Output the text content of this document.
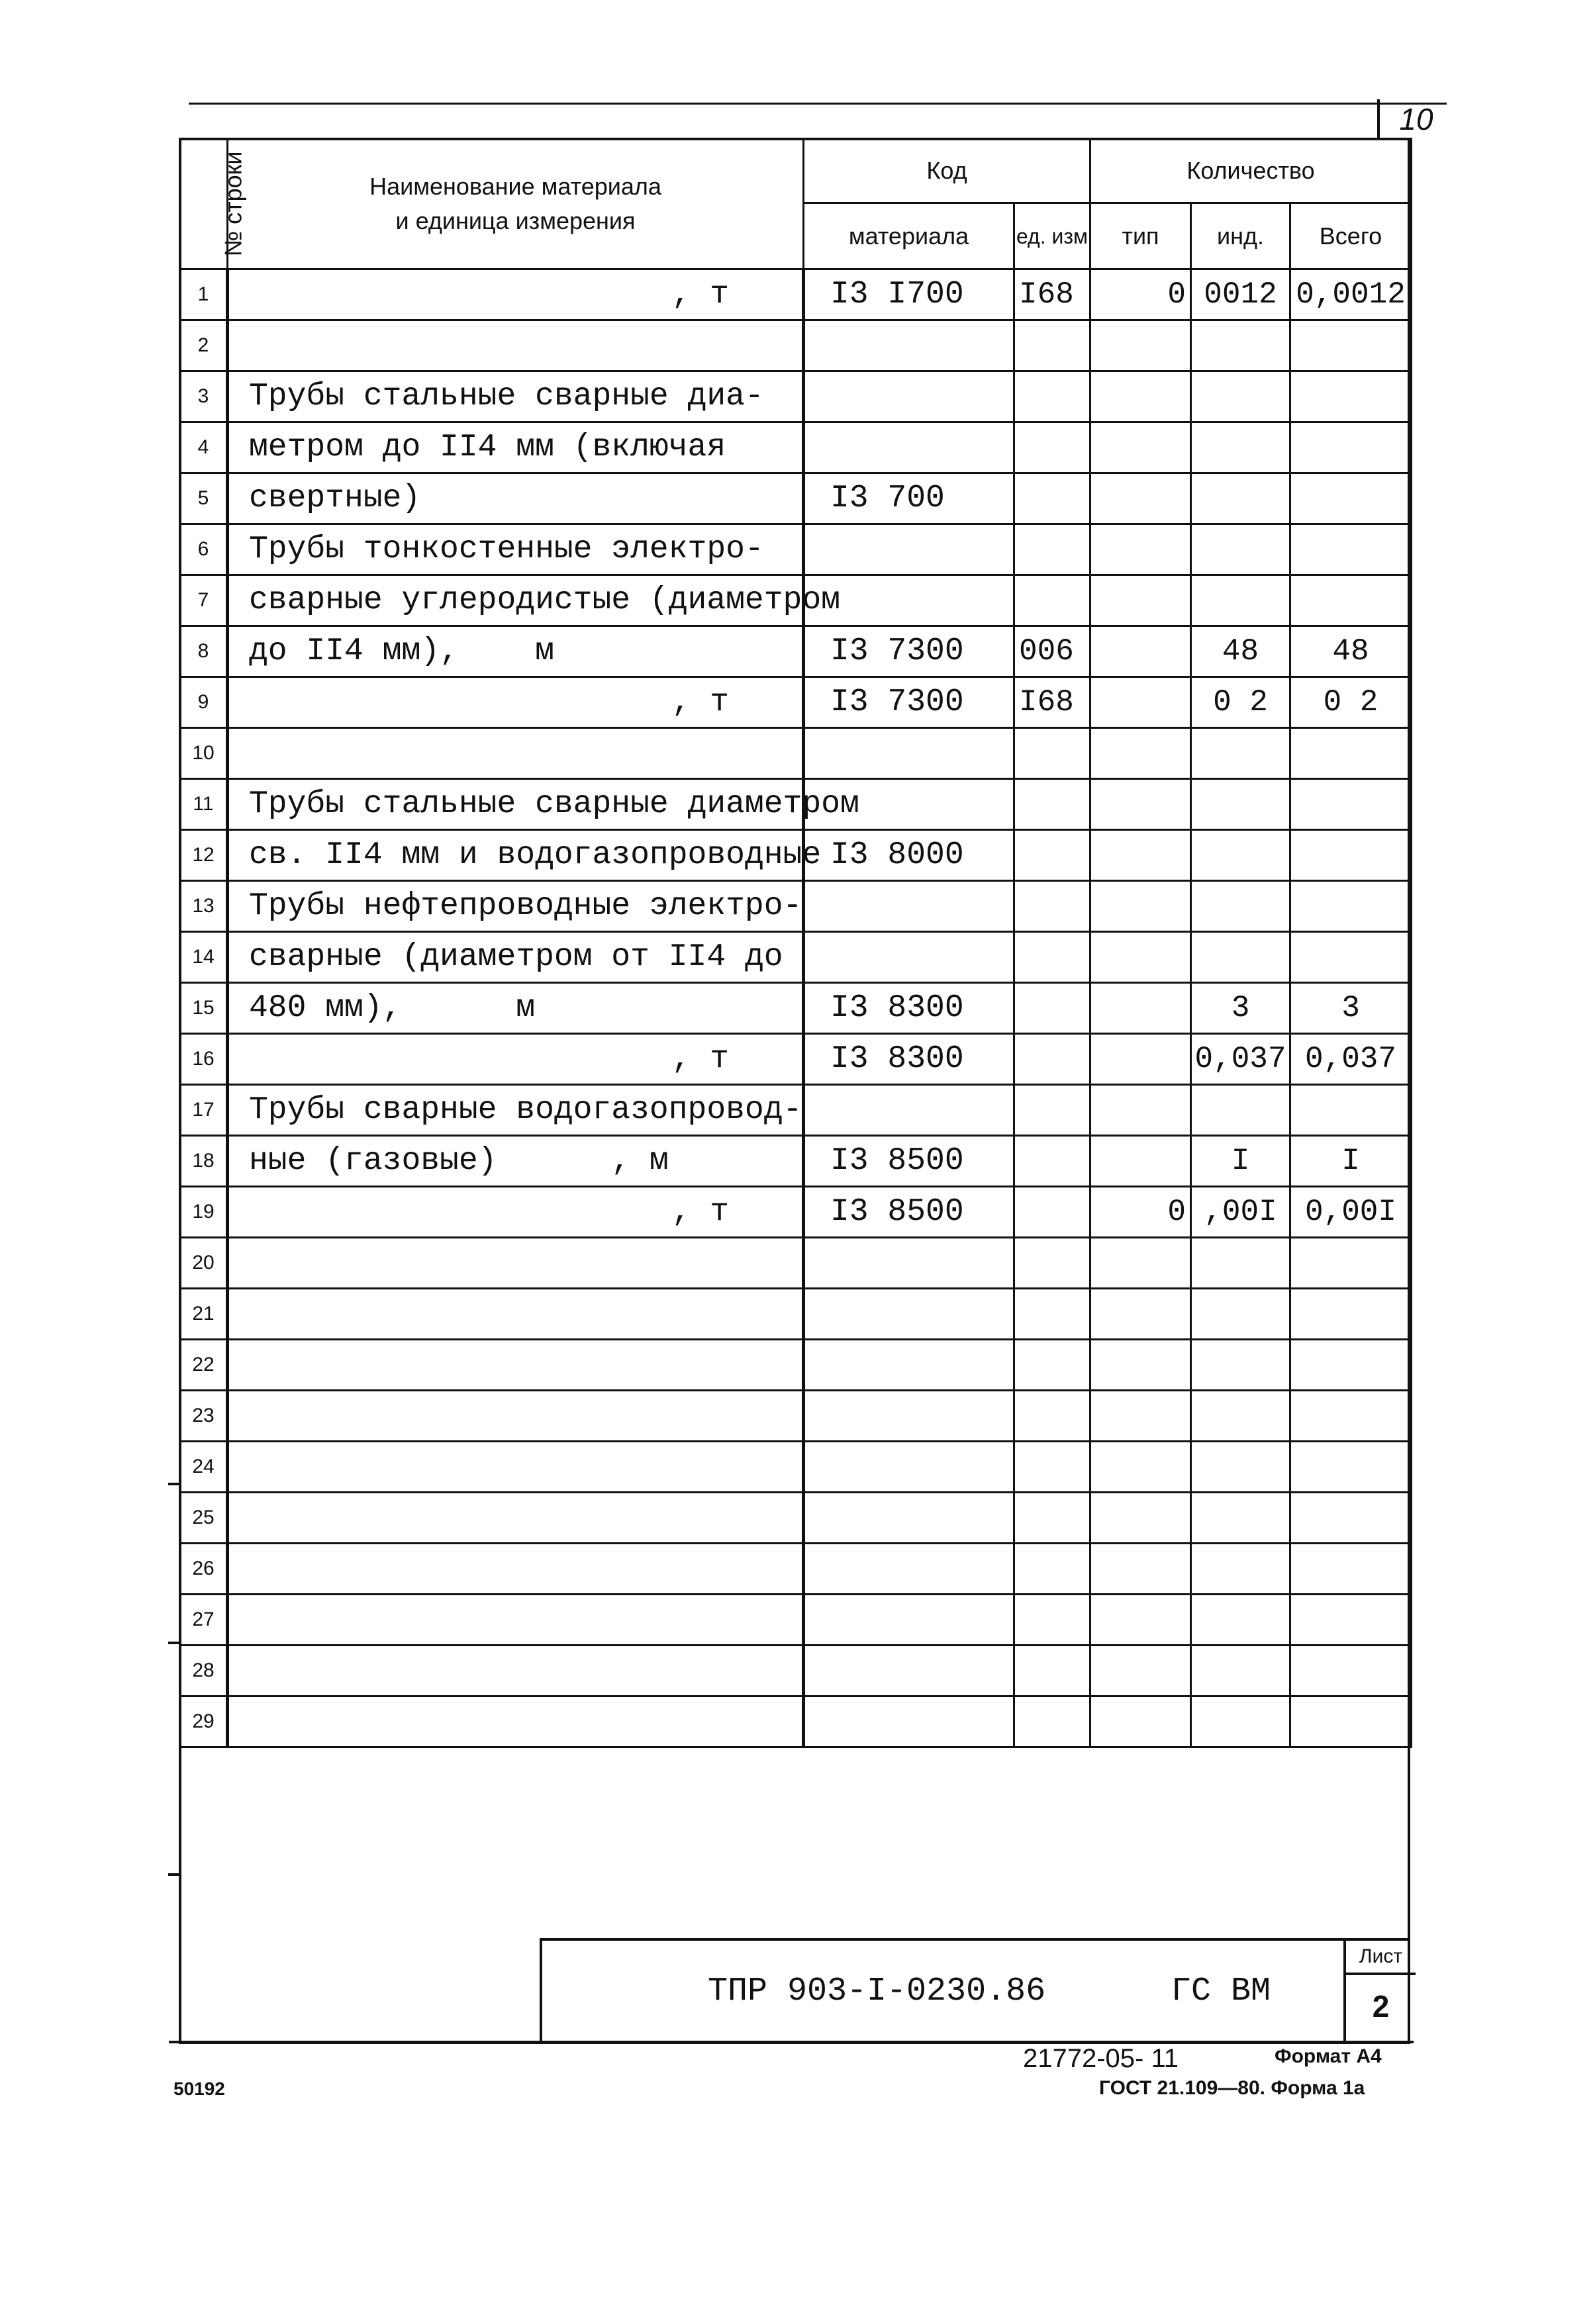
10
№ строки	Наименование материала
и единица измерения	Код		Количество		
		материала	ед. изм	тип	инд.	Всего
1	, т	I3 I700	I68	0	0012	0,0012
2						
3	Трубы стальные сварные диа-					
4	метром до II4 мм (включая					
5	свертные)	I3 700				
6	Трубы тонкостенные электро-					
7	сварные углеродистые (диаметром					
8	до II4 мм),    м	I3 7300	006		48	48
9	, т	I3 7300	I68		0 2	0 2
10						
11	Трубы стальные сварные диаметром					
12	св. II4 мм и водогазопроводные	I3 8000				
13	Трубы нефтепроводные электро-					
14	сварные (диаметром от II4 до					
15	480 мм),      м	I3 8300			3	3
16	, т	I3 8300			0,037	0,037
17	Трубы сварные водогазопровод-					
18	ные (газовые)      , м	I3 8500			I	I
19	, т	I3 8500		0	,00I	0,00I
20						
21						
22						
23						
24						
25						
26						
27						
28						
29						
ТПР 903-I-0230.86	ГС ВМ
Лист
2
21772-05- 11	Формат А4
50192	ГОСТ 21.109—80. Форма 1а
